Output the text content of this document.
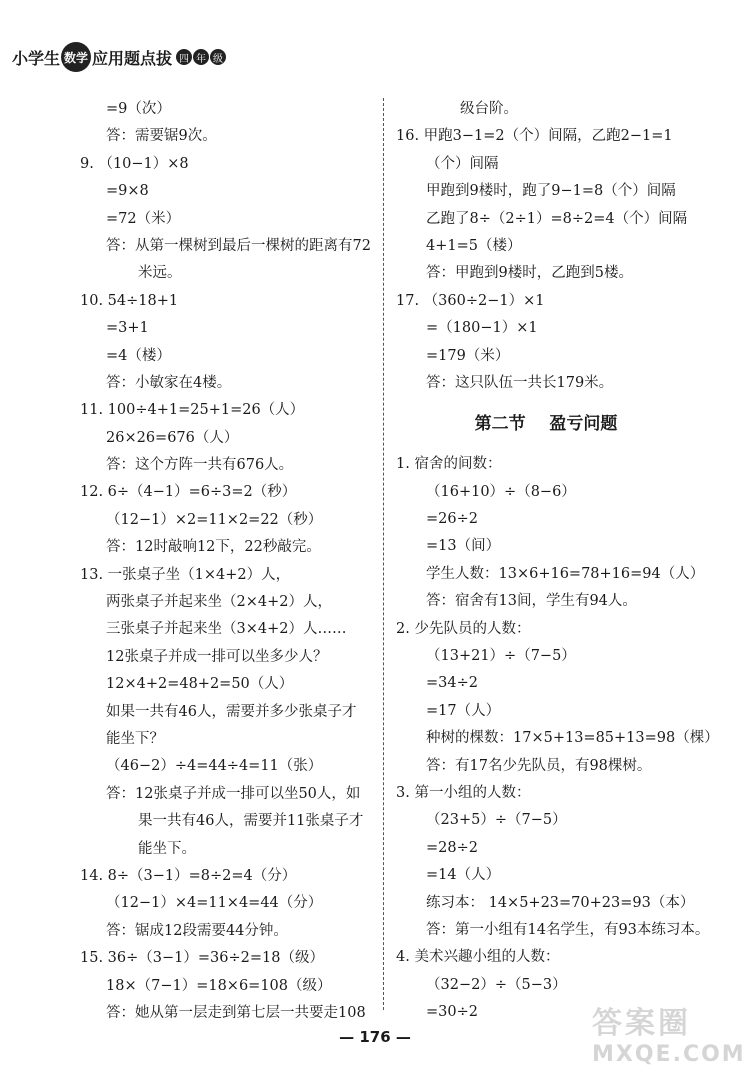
小学生 数学 应用题点拔 四 年 级
=9（次）
答：需要锯9次。
9. （10−1）×8
=9×8
=72（米）
答：从第一棵树到最后一棵树的距离有72
米远。
10. 54÷18+1
=3+1
=4（楼）
答：小敏家在4楼。
11. 100÷4+1=25+1=26（人）
26×26=676（人）
答：这个方阵一共有676人。
12. 6÷（4−1）=6÷3=2（秒）
（12−1）×2=11×2=22（秒）
答：12时敲响12下，22秒敲完。
13. 一张桌子坐（1×4+2）人，
两张桌子并起来坐（2×4+2）人，
三张桌子并起来坐（3×4+2）人……
12张桌子并成一排可以坐多少人？
12×4+2=48+2=50（人）
如果一共有46人，需要并多少张桌子才
能坐下？
（46−2）÷4=44÷4=11（张）
答：12张桌子并成一排可以坐50人，如
果一共有46人，需要并11张桌子才
能坐下。
14. 8÷（3−1）=8÷2=4（分）
（12−1）×4=11×4=44（分）
答：锯成12段需要44分钟。
15. 36÷（3−1）=36÷2=18（级）
18×（7−1）=18×6=108（级）
答：她从第一层走到第七层一共要走108
级台阶。
16. 甲跑3−1=2（个）间隔，乙跑2−1=1
（个）间隔
甲跑到9楼时，跑了9−1=8（个）间隔
乙跑了8÷（2÷1）=8÷2=4（个）间隔
4+1=5（楼）
答：甲跑到9楼时，乙跑到5楼。
17. （360÷2−1）×1
=（180−1）×1
=179（米）
答：这只队伍一共长179米。
第二节    盈亏问题
1. 宿舍的间数：
（16+10）÷（8−6）
=26÷2
=13（间）
学生人数：13×6+16=78+16=94（人）
答：宿舍有13间，学生有94人。
2. 少先队员的人数：
（13+21）÷（7−5）
=34÷2
=17（人）
种树的棵数：17×5+13=85+13=98（棵）
答：有17名少先队员，有98棵树。
3. 第一小组的人数：
（23+5）÷（7−5）
=28÷2
=14（人）
练习本： 14×5+23=70+23=93（本）
答：第一小组有14名学生，有93本练习本。
4. 美术兴趣小组的人数：
（32−2）÷（5−3）
=30÷2
— 176 —	答案圈
MXQE.COM
